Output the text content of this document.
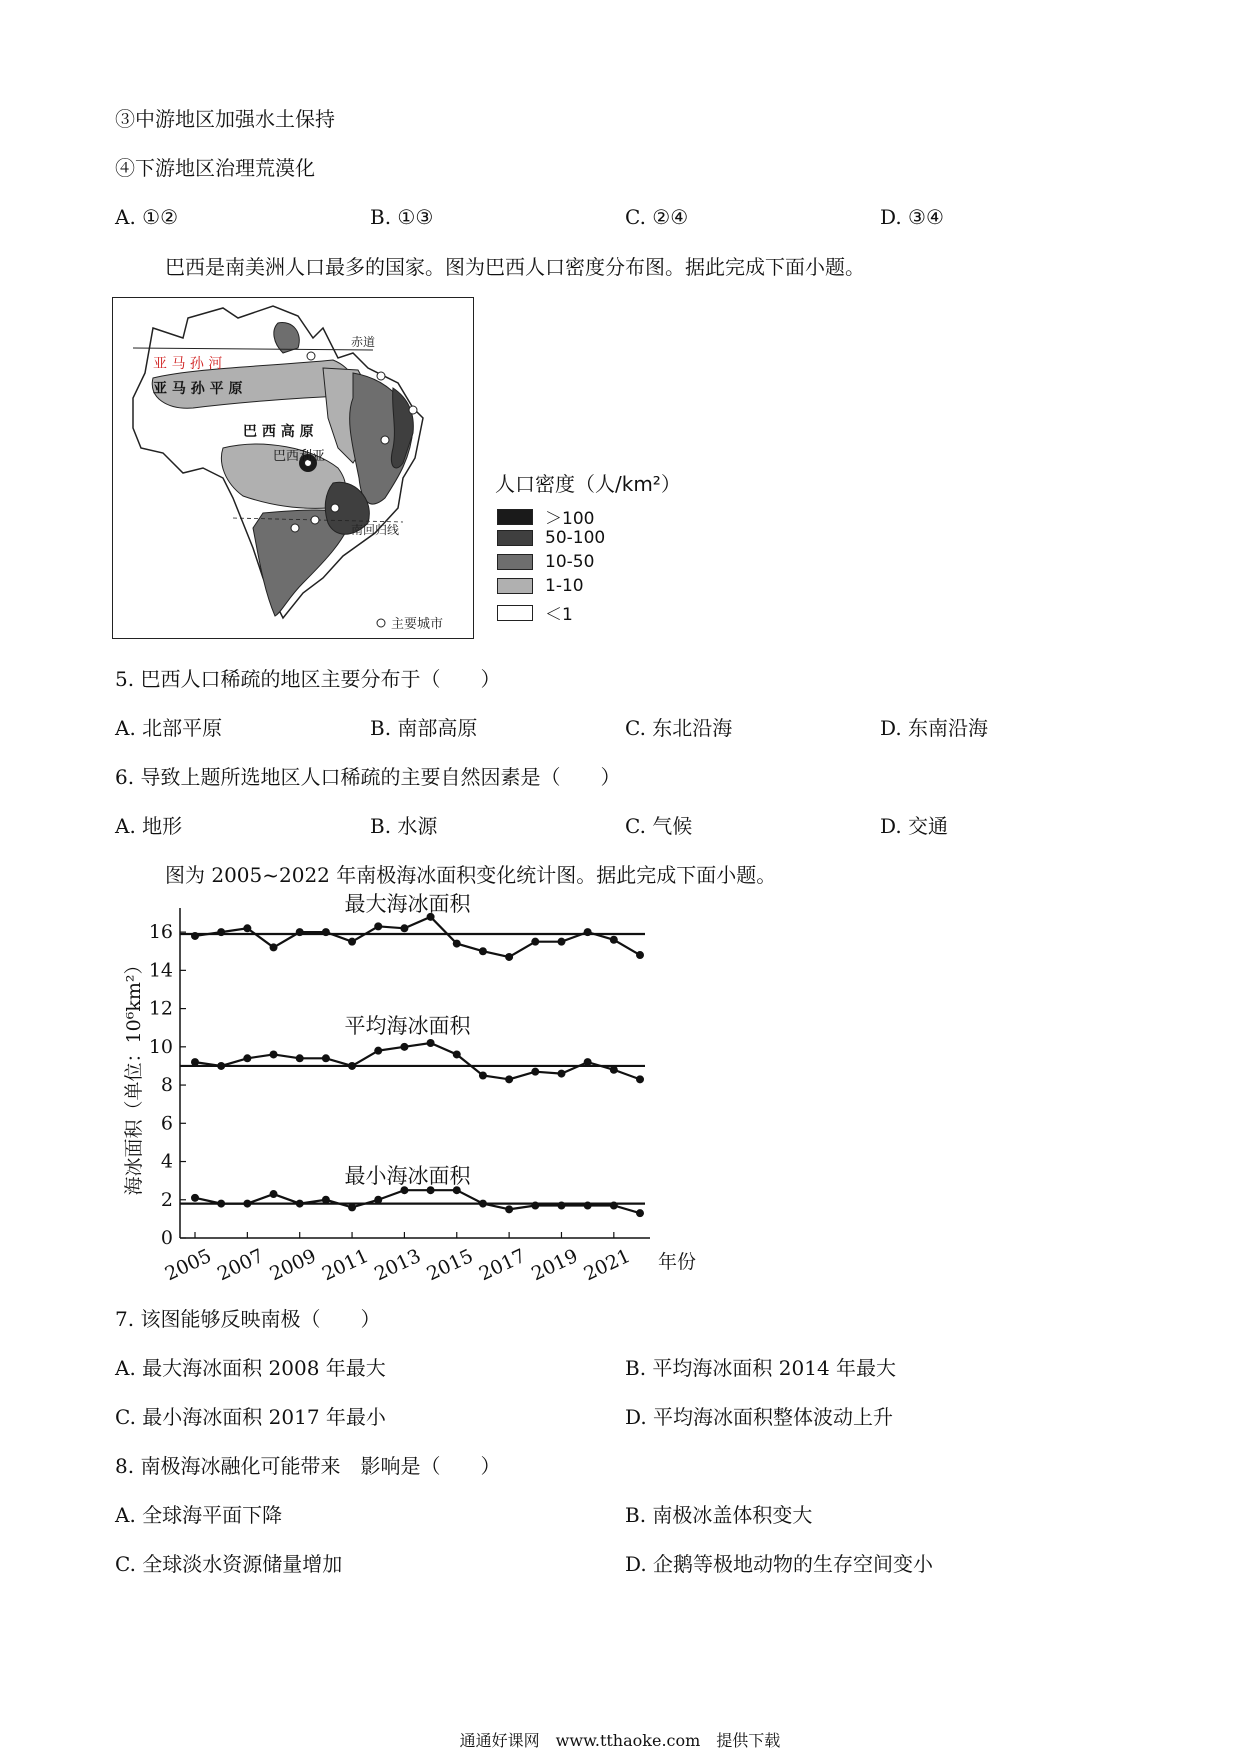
③中游地区加强水土保持
④下游地区治理荒漠化
A. ①②	B. ①③	C. ②④	D. ③④
巴西是南美洲人口最多的国家。图为巴西人口密度分布图。据此完成下面小题。
赤道
亚 马 孙 河
亚 马 孙 平 原
巴 西 高 原
巴西利亚
南回归线
主要城市
人口密度（人/km²）
＞100
50-100
10-50
1-10
＜1
5. 巴西人口稀疏的地区主要分布于（　　）
A. 北部平原	B. 南部高原	C. 东北沿海	D. 东南沿海
6. 导致上题所选地区人口稀疏的主要自然因素是（　　）
A. 地形	B. 水源	C. 气候	D. 交通
图为 2005~2022 年南极海冰面积变化统计图。据此完成下面小题。
0
2
4
6
8
10
12
14
16
2005 2007 2009 2011 2013 2015 2017 2019 2021 年份
海冰面积（单位：10⁶km²）
最大海冰面积
平均海冰面积
最小海冰面积
7. 该图能够反映南极（　　）
A. 最大海冰面积 2008 年最大	B. 平均海冰面积 2014 年最大
C. 最小海冰面积 2017 年最小	D. 平均海冰面积整体波动上升
8. 南极海冰融化可能带来　影响是（　　）
A. 全球海平面下降	B. 南极冰盖体积变大
C. 全球淡水资源储量增加	D. 企鹅等极地动物的生存空间变小
通通好课网　www.tthaoke.com　提供下载
